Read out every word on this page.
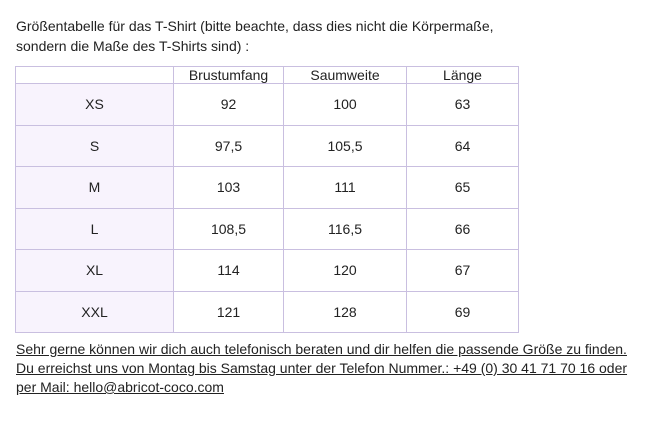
Größentabelle für das T-Shirt (bitte beachte, dass dies nicht die Körpermaße,
sondern die Maße des T-Shirts sind) :
	Brustumfang	Saumweite	Länge
XS	92	100	63
S	97,5	105,5	64
M	103	111	65
L	108,5	116,5	66
XL	114	120	67
XXL	121	128	69
Sehr gerne können wir dich auch telefonisch beraten und dir helfen die passende Größe zu finden.
Du erreichst uns von Montag bis Samstag unter der Telefon Nummer.: +49 (0) 30 41 71 70 16 oder
per Mail: hello@abricot-coco.com
